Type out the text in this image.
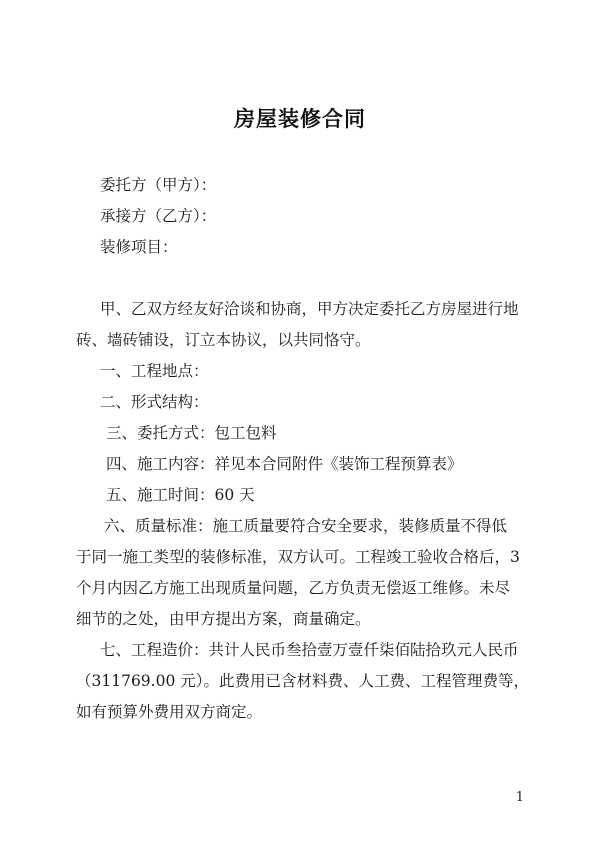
房屋装修合同
委托方（甲方）：
承接方（乙方）：
装修项目：
甲、乙双方经友好洽谈和协商，甲方决定委托乙方房屋进行地
砖、墙砖铺设，订立本协议，以共同恪守。
一、工程地点：
二、形式结构：
三、委托方式：包工包料
四、施工内容：祥见本合同附件《装饰工程预算表》
五、施工时间：60 天
六、质量标准：施工质量要符合安全要求，装修质量不得低
于同一施工类型的装修标准，双方认可。工程竣工验收合格后，3
个月内因乙方施工出现质量问题，乙方负责无偿返工维修。未尽
细节的之处，由甲方提出方案，商量确定。
七、工程造价：共计人民币叁拾壹万壹仟柒佰陆拾玖元人民币
（311769.00 元）。此费用已含材料费、人工费、工程管理费等，
如有预算外费用双方商定。
1
